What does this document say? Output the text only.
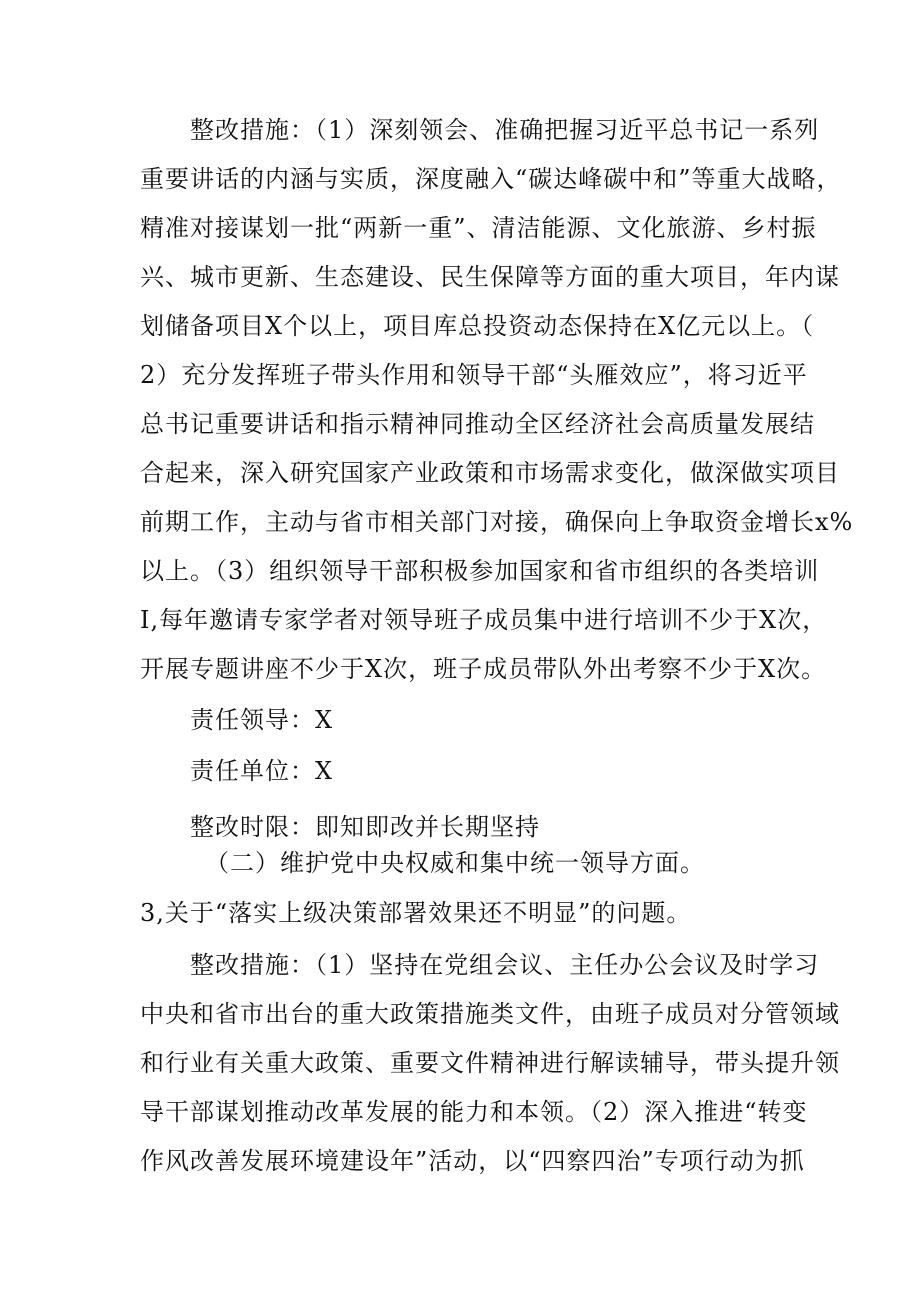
整改措施：（1）深刻领会、准确把握习近平总书记一系列
重要讲话的内涵与实质，深度融入“碳达峰碳中和”等重大战略，
精准对接谋划一批“两新一重”、清洁能源、文化旅游、乡村振
兴、城市更新、生态建设、民生保障等方面的重大项目，年内谋
划储备项目X个以上，项目库总投资动态保持在X亿元以上。（
2）充分发挥班子带头作用和领导干部“头雁效应”，将习近平
总书记重要讲话和指示精神同推动全区经济社会高质量发展结
合起来，深入研究国家产业政策和市场需求变化，做深做实项目
前期工作，主动与省市相关部门对接，确保向上争取资金增长x%
以上。（3）组织领导干部积极参加国家和省市组织的各类培训
I,每年邀请专家学者对领导班子成员集中进行培训不少于X次，
开展专题讲座不少于X次，班子成员带队外出考察不少于X次。
责任领导：X
责任单位：X
整改时限：即知即改并长期坚持
（二）维护党中央权威和集中统一领导方面。
3,关于“落实上级决策部署效果还不明显”的问题。
整改措施：（1）坚持在党组会议、主任办公会议及时学习
中央和省市出台的重大政策措施类文件，由班子成员对分管领域
和行业有关重大政策、重要文件精神进行解读辅导，带头提升领
导干部谋划推动改革发展的能力和本领。（2）深入推进“转变
作风改善发展环境建设年”活动，以“四察四治”专项行动为抓
